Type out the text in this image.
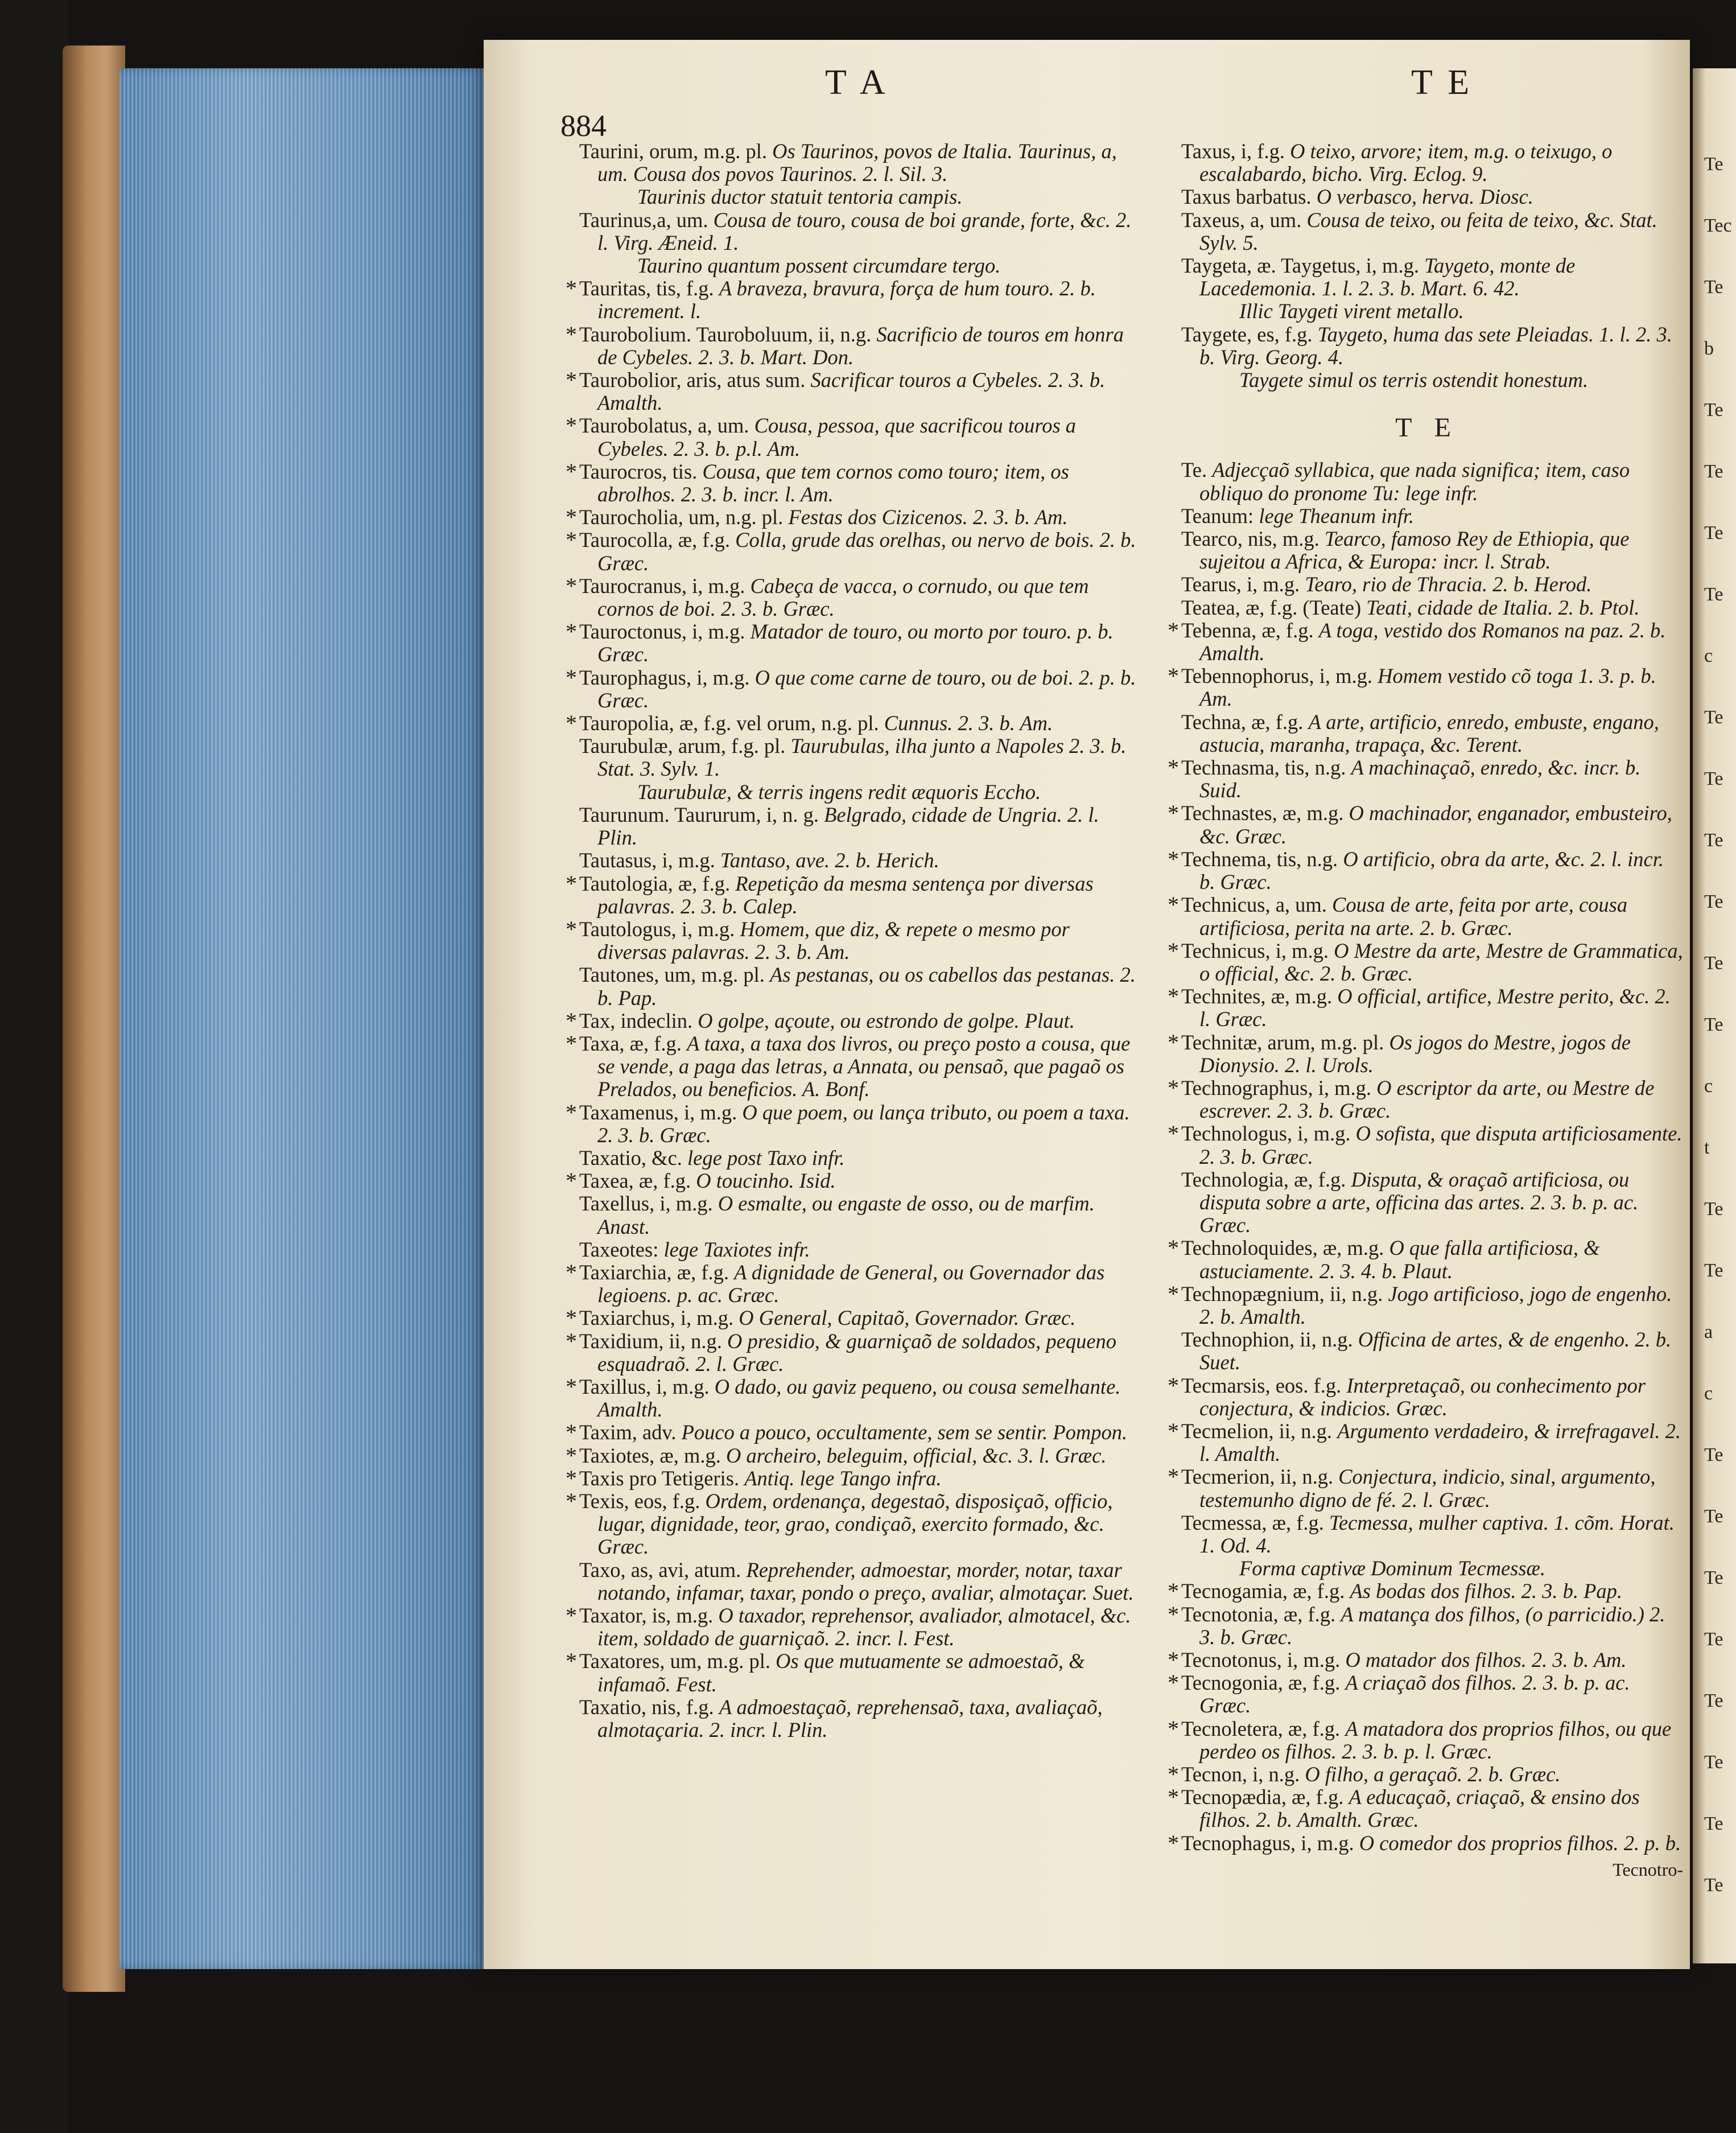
884
T A	T E

Taurini, orum, m.g. pl. Os Taurinos, povos de Italia. Taurinus, a, um. Cousa dos povos Taurinos. 2. l. Sil. 3.

Taurinis ductor statuit tentoria campis.

Taurinus,a, um. Cousa de touro, cousa de boi grande, forte, &c. 2. l. Virg. Æneid. 1.

Taurino quantum possent circumdare tergo.

* Tauritas, tis, f.g. A braveza, bravura, forçа de hum touro. 2. b. increment. l.

* Taurobolium. Tauroboluum, ii, n.g. Sacrificio de touros em honra de Cybeles. 2. 3. b. Mart. Don.

* Taurobolior, aris, atus sum. Sacrificar touros a Cybeles. 2. 3. b. Amalth.

* Taurobolatus, a, um. Cousa, pessoa, que sacrificou touros a Cybeles. 2. 3. b. p.l. Am.

* Taurocros, tis. Cousa, que tem cornos como touro; item, os abrolhos. 2. 3. b. incr. l. Am.

* Taurocholia, um, n.g. pl. Festas dos Cizicenos. 2. 3. b. Am.

* Taurocolla, æ, f.g. Colla, grude das orelhas, ou nervo de bois. 2. b. Græc.

* Taurocranus, i, m.g. Cabeça de vacca, o cornudo, ou que tem cornos de boi. 2. 3. b. Græc.

* Tauroctonus, i, m.g. Matador de touro, ou morto por touro. p. b. Græc.

* Taurophagus, i, m.g. O que come carne de touro, ou de boi. 2. p. b. Græc.

* Tauropolia, æ, f.g. vel orum, n.g. pl. Cunnus. 2. 3. b. Am.

Taurubulæ, arum, f.g. pl. Taurubulas, ilha junto a Napoles 2. 3. b. Stat. 3. Sylv. 1.

Taurubulæ, & terris ingens redit æquoris Eccho.

Taurunum. Taururum, i, n. g. Belgrado, cidade de Ungria. 2. l. Plin.

Tautasus, i, m.g. Tantaso, ave. 2. b. Herich.

* Tautologia, æ, f.g. Repetição da mesma sentença por diversas palavras. 2. 3. b. Calep.

* Tautologus, i, m.g. Homem, que diz, & repete o mesmo por diversas palavras. 2. 3. b. Am.

Tautones, um, m.g. pl. As pestanas, ou os cabellos das pestanas. 2. b. Pap.

* Tax, indeclin. O golpe, açoute, ou estrondo de golpe. Plaut.

* Taxa, æ, f.g. A taxa, a taxa dos livros, ou preço posto a cousa, que se vende, a paga das letras, a Annata, ou pensaõ, que pagaõ os Prelados, ou beneficios. A. Bonf.

* Taxamenus, i, m.g. O que poem, ou lança tributo, ou poem a taxa. 2. 3. b. Græc.

Taxatio, &c. lege post Taxo infr.

* Taxea, æ, f.g. O toucinho. Isid.

Taxellus, i, m.g. O esmalte, ou engaste de osso, ou de marfim. Anast.

Taxeotes: lege Taxiotes infr.

* Taxiarchia, æ, f.g. A dignidade de General, ou Governador das legioens. p. ac. Græc.

* Taxiarchus, i, m.g. O General, Capitaõ, Governador. Græc.

* Taxidium, ii, n.g. O presidio, & guarniçaõ de soldados, pequeno esquadraõ. 2. l. Græc.

* Taxillus, i, m.g. O dado, ou gaviz pequeno, ou cousa semelhante. Amalth.

* Taxim, adv. Pouco a pouco, occultamente, sem se sentir. Pompon.

* Taxiotes, æ, m.g. O archeiro, beleguim, official, &c. 3. l. Græc.

* Taxis pro Tetigeris. Antiq. lege Tango infra.

* Texis, eos, f.g. Ordem, ordenança, degestaõ, disposiçaõ, officio, lugar, dignidade, teor, grao, condiçaõ, exercito formado, &c. Græc.

Taxo, as, avi, atum. Reprehender, admoestar, morder, notar, taxar notando, infamar, taxar, pondo o preço, avaliar, almotaçar. Suet.

* Taxator, is, m.g. O taxador, reprehensor, avaliador, almotacel, &c. item, soldado de guarniçaõ. 2. incr. l. Fest.

* Taxatores, um, m.g. pl. Os que mutuamente se admoestaõ, & infamaõ. Fest.

Taxatio, nis, f.g. A admoestaçaõ, reprehensaõ, taxa, avaliaçaõ, almotaçaria. 2. incr. l. Plin.

Taxus, i, f.g. O teixo, arvore; item, m.g. o teixugo, o escalabardo, bicho. Virg. Eclog. 9.

Taxus barbatus. O verbasco, herva. Diosc.

Taxeus, a, um. Cousa de teixo, ou feita de teixo, &c. Stat. Sylv. 5.

Taygeta, æ. Taygetus, i, m.g. Taygeto, monte de Lacedemonia. 1. l. 2. 3. b. Mart. 6. 42.

Illic Taygeti virent metallo.

Taygete, es, f.g. Taygeto, huma das sete Pleiadas. 1. l. 2. 3. b. Virg. Georg. 4.

Taygete simul os terris ostendit honestum.

T E

Te. Adjecçaõ syllabica, que nada significa; item, caso obliquo do pronome Tu: lege infr.

Teanum: lege Theanum infr.

Tearco, nis, m.g. Tearco, famoso Rey de Ethiopia, que sujeitou a Africa, & Europa: incr. l. Strab.

Tearus, i, m.g. Tearo, rio de Thracia. 2. b. Herod.

Teatea, æ, f.g. (Teate) Teati, cidade de Italia. 2. b. Ptol.

* Tebenna, æ, f.g. A toga, vestido dos Romanos na paz. 2. b. Amalth.

* Tebennophorus, i, m.g. Homem vestido cõ toga 1. 3. p. b. Am.

Techna, æ, f.g. A arte, artificio, enredo, embuste, engano, astucia, maranha, trapaça, &c. Terent.

* Technasma, tis, n.g. A machinaçaõ, enredo, &c. incr. b. Suid.

* Technastes, æ, m.g. O machinador, enganador, embusteiro, &c. Græc.

* Technema, tis, n.g. O artificio, obra da arte, &c. 2. l. incr. b. Græc.

* Technicus, a, um. Cousa de arte, feita por arte, cousa artificiosa, perita na arte. 2. b. Græc.

* Technicus, i, m.g. O Mestre da arte, Mestre de Grammatica, o official, &c. 2. b. Græc.

* Technites, æ, m.g. O official, artifice, Mestre perito, &c. 2. l. Græc.

* Technitæ, arum, m.g. pl. Os jogos do Mestre, jogos de Dionysio. 2. l. Urols.

* Technographus, i, m.g. O escriptor da arte, ou Mestre de escrever. 2. 3. b. Græc.

* Technologus, i, m.g. O sofista, que disputa artificiosamente. 2. 3. b. Græc.

Technologia, æ, f.g. Disputa, & oraçaõ artificiosa, ou disputa sobre a arte, officina das artes. 2. 3. b. p. ac. Græc.

* Technoloquides, æ, m.g. O que falla artificiosa, & astuciamente. 2. 3. 4. b. Plaut.

* Technopægnium, ii, n.g. Jogo artificioso, jogo de engenho. 2. b. Amalth.

Technophion, ii, n.g. Officina de artes, & de engenho. 2. b. Suet.

* Tecmarsis, eos. f.g. Interpretaçaõ, ou conhecimento por conjectura, & indicios. Græc.

* Tecmelion, ii, n.g. Argumento verdadeiro, & irrefragavel. 2. l. Amalth.

* Tecmerion, ii, n.g. Conjectura, indicio, sinal, argumento, testemunho digno de fé. 2. l. Græc.

Tecmessa, æ, f.g. Tecmessa, mulher captiva. 1. cõm. Horat. 1. Od. 4.

Forma captivæ Dominum Tecmessæ.

* Tecnogamia, æ, f.g. As bodas dos filhos. 2. 3. b. Pap.

* Tecnotonia, æ, f.g. A matança dos filhos, (o parricidio.) 2. 3. b. Græc.

* Tecnotonus, i, m.g. O matador dos filhos. 2. 3. b. Am.

* Tecnogonia, æ, f.g. A criaçaõ dos filhos. 2. 3. b. p. ac. Græc.

* Tecnoletera, æ, f.g. A matadora dos proprios filhos, ou que perdeo os filhos. 2. 3. b. p. l. Græc.

* Tecnon, i, n.g. O filho, a geraçaõ. 2. b. Græc.

* Tecnopædia, æ, f.g. A educaçaõ, criaçaõ, & ensino dos filhos. 2. b. Amalth. Græc.

* Tecnophagus, i, m.g. O comedor dos proprios filhos. 2. p. b.

Tecnotro-
Te
Tec
Te
b
Te
Te
Te
Te
c
Te
Te
Te
Te
Te
Te
c
t
Te
Te
a
c
Te
Te
Te
Te
Te
Te
Te
Te
